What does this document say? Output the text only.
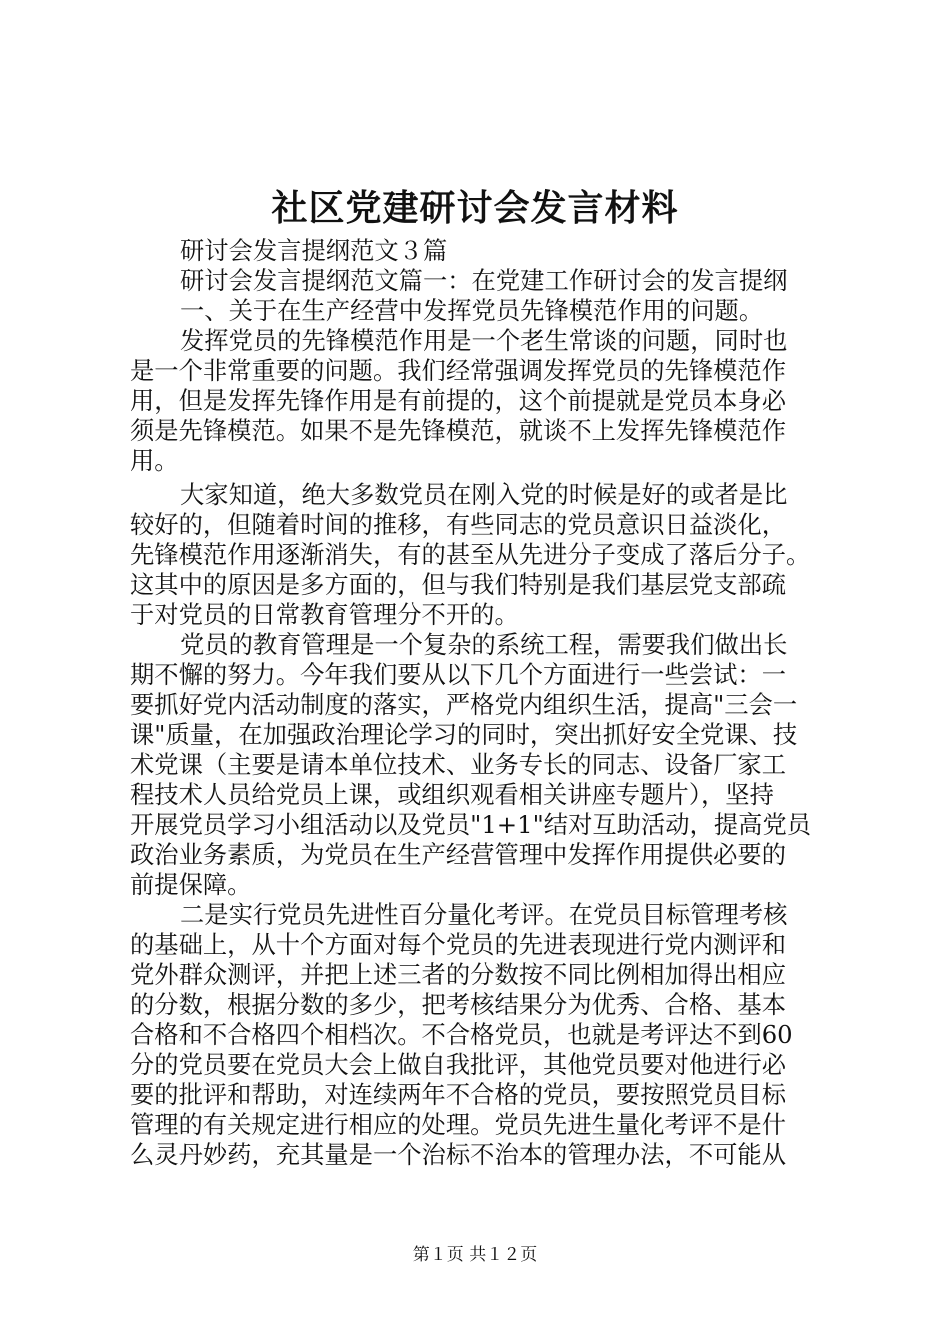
社区党建研讨会发言材料
研讨会发言提纲范文３篇
研讨会发言提纲范文篇一：在党建工作研讨会的发言提纲
一、关于在生产经营中发挥党员先锋模范作用的问题。
发挥党员的先锋模范作用是一个老生常谈的问题，同时也
是一个非常重要的问题。我们经常强调发挥党员的先锋模范作
用，但是发挥先锋作用是有前提的，这个前提就是党员本身必
须是先锋模范。如果不是先锋模范，就谈不上发挥先锋模范作
用。
大家知道，绝大多数党员在刚入党的时候是好的或者是比
较好的，但随着时间的推移，有些同志的党员意识日益淡化，
先锋模范作用逐渐消失，有的甚至从先进分子变成了落后分子。
这其中的原因是多方面的，但与我们特别是我们基层党支部疏
于对党员的日常教育管理分不开的。
党员的教育管理是一个复杂的系统工程，需要我们做出长
期不懈的努力。今年我们要从以下几个方面进行一些尝试：一
要抓好党内活动制度的落实，严格党内组织生活，提高"三会一
课"质量，在加强政治理论学习的同时，突出抓好安全党课、技
术党课（主要是请本单位技术、业务专长的同志、设备厂家工
程技术人员给党员上课，或组织观看相关讲座专题片），坚持
开展党员学习小组活动以及党员"1+1"结对互助活动，提高党员
政治业务素质，为党员在生产经营管理中发挥作用提供必要的
前提保障。
二是实行党员先进性百分量化考评。在党员目标管理考核
的基础上，从十个方面对每个党员的先进表现进行党内测评和
党外群众测评，并把上述三者的分数按不同比例相加得出相应
的分数，根据分数的多少，把考核结果分为优秀、合格、基本
合格和不合格四个相档次。不合格党员，也就是考评达不到60
分的党员要在党员大会上做自我批评，其他党员要对他进行必
要的批评和帮助，对连续两年不合格的党员，要按照党员目标
管理的有关规定进行相应的处理。党员先进生量化考评不是什
么灵丹妙药，充其量是一个治标不治本的管理办法，不可能从
第１页 共１２页
